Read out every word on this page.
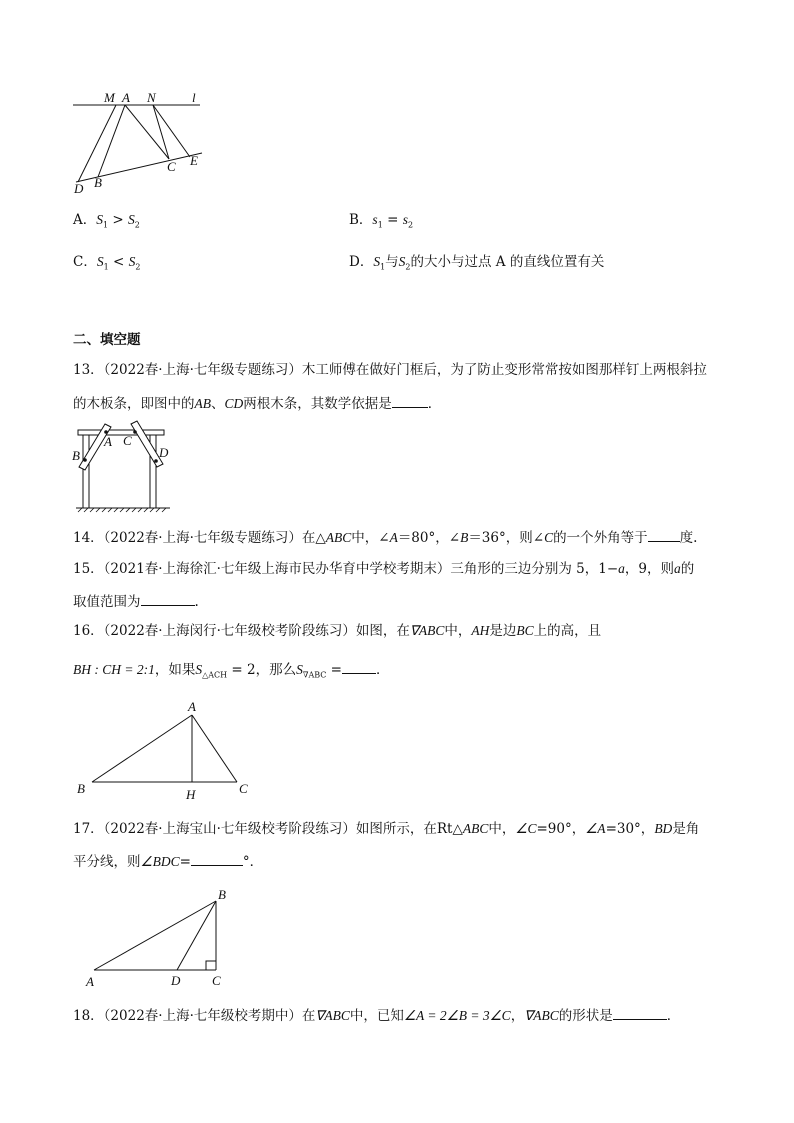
M A N	l
D B
C E
A．$S_1 > S_2$	B．$s_1 = s_2$
C．$S_1 < S_2$	D．$S_1$与$S_2$的大小与过点 A 的直线位置有关
二、填空题
13．（2022春·上海·七年级专题练习）木工师傅在做好门框后，为了防止变形常常按如图那样钉上两根斜拉
的木板条，即图中的AB、CD两根木条，其数学依据是	．
A C
B	D
14．（2022春·上海·七年级专题练习）在△ABC中，∠A＝80°，∠B＝36°，则∠C的一个外角等于 度.
15．（2021春·上海徐汇·七年级上海市民办华育中学校考期末）三角形的三边分别为 5，1−a，9，则a的
取值范围为	.
16．（2022春·上海闵行·七年级校考阶段练习）如图，在∇ABC中，AH是边BC上的高，且
BH : CH = 2:1，如果$S_{\triangle ACH} = 2$，那么$S_{\nabla ABC}$ =	．
A
B	H	C
17．（2022春·上海宝山·七年级校考阶段练习）如图所示，在Rt△ABC中，∠C=90°，∠A=30°，BD是角
平分线，则∠BDC=	°．
B
A	D C
18．（2022春·上海·七年级校考期中）在∇ABC中，已知∠A = 2∠B = 3∠C，∇ABC的形状是	．
